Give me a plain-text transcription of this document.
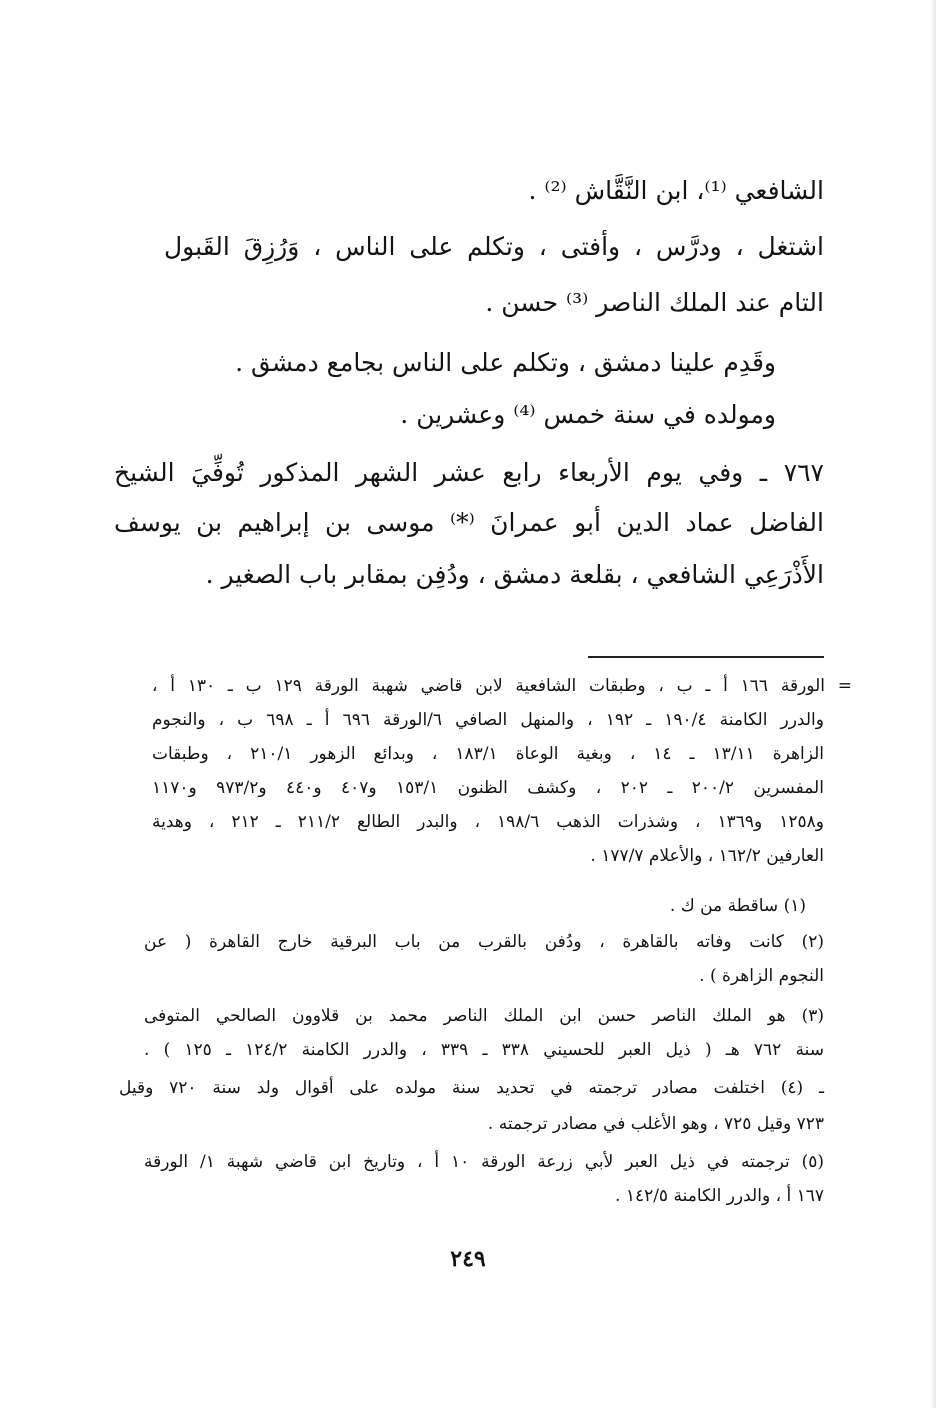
الشافعي ⁽¹⁾، ابن النَّقَّاش ⁽²⁾ .
اشتغل ، ودرَّس ، وأفتى ، وتكلم على الناس ، وَرُزِقَ القَبول
التام عند الملك الناصر ⁽³⁾ حسن .
وقَدِم علينا دمشق ، وتكلم على الناس بجامع دمشق .
ومولده في سنة خمس ⁽⁴⁾ وعشرين .
٧٦٧ ـ وفي يوم الأربعاء رابع عشر الشهر المذكور تُوفِّيَ الشيخ
الفاضل عماد الدين أبو عمرانَ ⁽*⁾ موسى بن إبراهيم بن يوسف
الأَذْرَعِي الشافعي ، بقلعة دمشق ، ودُفِن بمقابر باب الصغير .
= الورقة ١٦٦ أ ـ ب ، وطبقات الشافعية لابن قاضي شهبة الورقة ١٢٩ ب ـ ١٣٠ أ ،
والدرر الكامنة ١٩٠/٤ ـ ١٩٢ ، والمنهل الصافي ٦/الورقة ٦٩٦ أ ـ ٦٩٨ ب ، والنجوم
الزاهرة ١٣/١١ ـ ١٤ ، وبغية الوعاة ١٨٣/١ ، وبدائع الزهور ٢١٠/١ ، وطبقات
المفسرين ٢٠٠/٢ ـ ٢٠٢ ، وكشف الظنون ١٥٣/١ و٤٠٧ و٤٤٠ و٩٧٣/٢ و١١٧٠
و١٢٥٨ و١٣٦٩ ، وشذرات الذهب ١٩٨/٦ ، والبدر الطالع ٢١١/٢ ـ ٢١٢ ، وهدية
العارفين ١٦٢/٢ ، والأعلام ١٧٧/٧ .
(١) ساقطة من ك .
(٢) كانت وفاته بالقاهرة ، ودُفن بالقرب من باب البرقية خارج القاهرة ( عن
النجوم الزاهرة ) .
(٣) هو الملك الناصر حسن ابن الملك الناصر محمد بن قلاوون الصالحي المتوفى
سنة ٧٦٢ هـ ( ذيل العبر للحسيني ٣٣٨ ـ ٣٣٩ ، والدرر الكامنة ١٢٤/٢ ـ ١٢٥ ) .
ـ (٤) اختلفت مصادر ترجمته في تحديد سنة مولده على أقوال ولد سنة ٧٢٠ وقيل
٧٢٣ وقيل ٧٢٥ ، وهو الأغلب في مصادر ترجمته .
(٥) ترجمته في ذيل العبر لأبي زرعة الورقة ١٠ أ ، وتاريخ ابن قاضي شهبة ١/ الورقة
١٦٧ أ ، والدرر الكامنة ١٤٢/٥ .
٢٤٩
